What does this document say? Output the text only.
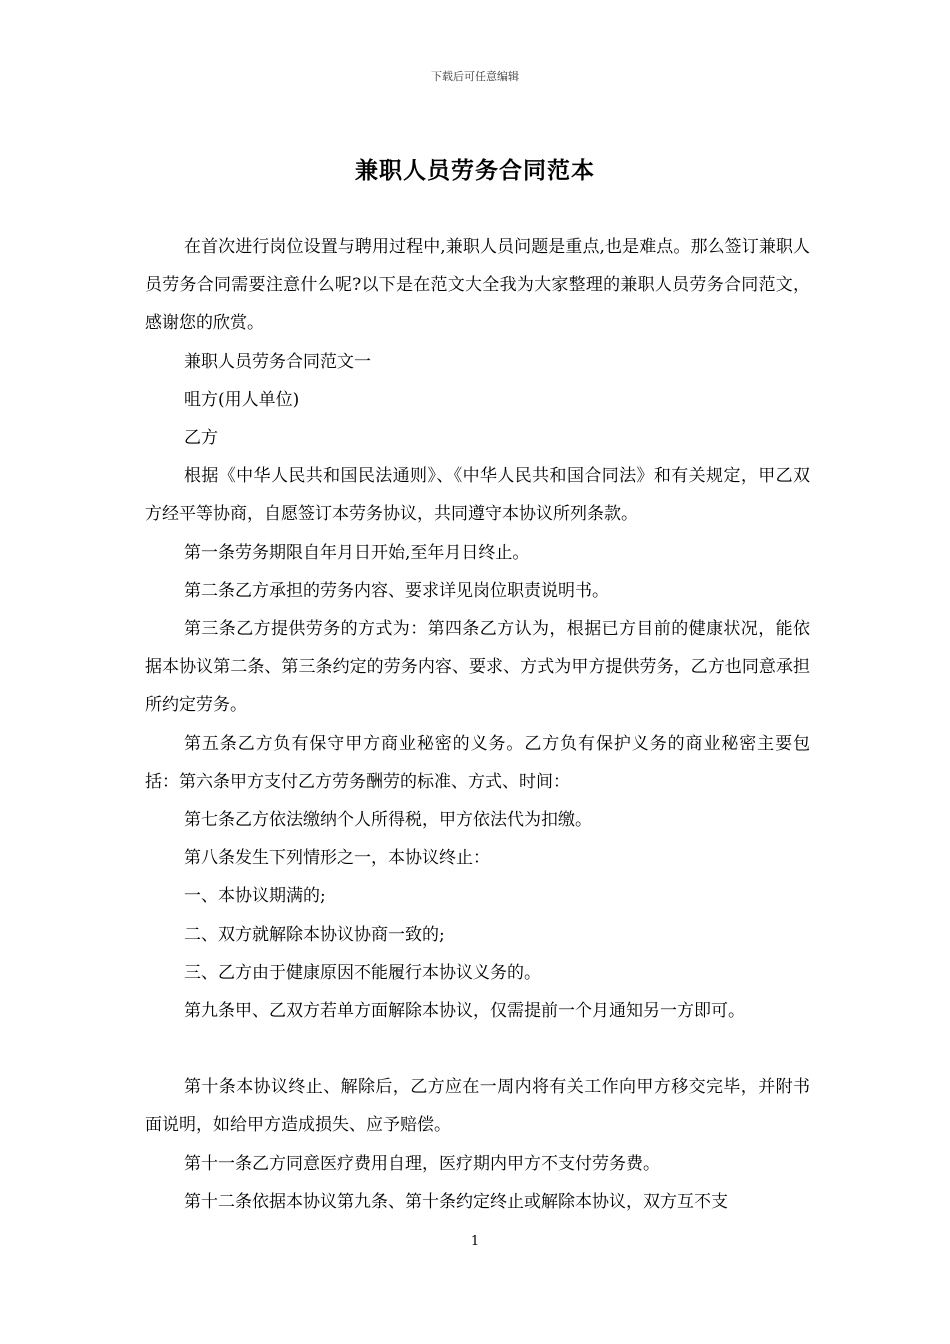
下载后可任意编辑
兼职人员劳务合同范本

在首次进行岗位设置与聘用过程中,兼职人员问题是重点,也是难点。那么签订兼职人员劳务合同需要注意什么呢?以下是在范文大全我为大家整理的兼职人员劳务合同范文，感谢您的欣赏。

兼职人员劳务合同范文一

咀方(用人单位)

乙方

根据《中华人民共和国民法通则》、《中华人民共和国合同法》和有关规定，甲乙双方经平等协商，自愿签订本劳务协议，共同遵守本协议所列条款。

第一条劳务期限自年月日开始,至年月日终止。

第二条乙方承担的劳务内容、要求详见岗位职责说明书。

第三条乙方提供劳务的方式为：第四条乙方认为，根据已方目前的健康状况，能依据本协议第二条、第三条约定的劳务内容、要求、方式为甲方提供劳务，乙方也同意承担所约定劳务。

第五条乙方负有保守甲方商业秘密的义务。乙方负有保护义务的商业秘密主要包括：第六条甲方支付乙方劳务酬劳的标准、方式、时间：

第七条乙方依法缴纳个人所得税，甲方依法代为扣缴。

第八条发生下列情形之一，本协议终止：

一、本协议期满的;

二、双方就解除本协议协商一致的;

三、乙方由于健康原因不能履行本协议义务的。

第九条甲、乙双方若单方面解除本协议，仅需提前一个月通知另一方即可。

第十条本协议终止、解除后，乙方应在一周内将有关工作向甲方移交完毕，并附书面说明，如给甲方造成损失、应予赔偿。

第十一条乙方同意医疗费用自理，医疗期内甲方不支付劳务费。

第十二条依据本协议第九条、第十条约定终止或解除本协议，双方互不支

1
